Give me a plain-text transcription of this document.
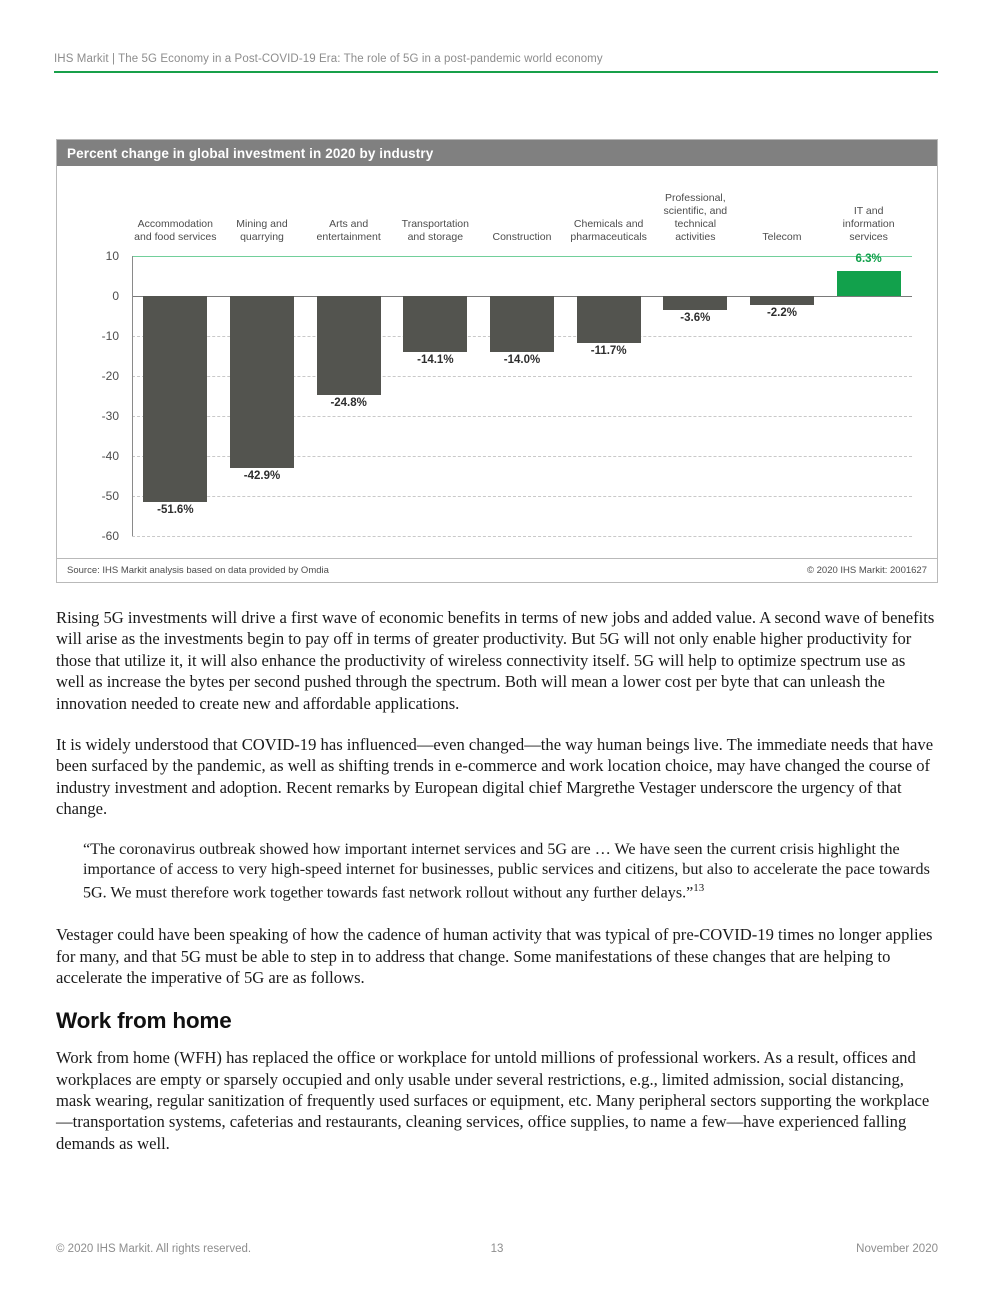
IHS Markit | The 5G Economy in a Post-COVID-19 Era: The role of 5G in a post-pandemic world economy
Percent change in global investment in 2020 by industry
Accommodation
and food services
Mining and
quarrying
Arts and
entertainment
Transportation
and storage	Construction
Chemicals and
pharmaceuticals
Professional,
scientific, and
technical
activities	Telecom
IT and
information
services
10
0
-10
-20
-30
-40
-50
-60
-51.6%
-42.9%
-24.8%
-14.1%	-14.0%
-11.7%
-3.6%	-2.2%
6.3%
Source: IHS Markit analysis based on data provided by Omdia	© 2020 IHS Markit: 2001627

Rising 5G investments will drive a first wave of economic benefits in terms of new jobs and added value. A second wave of benefits will arise as the investments begin to pay off in terms of greater productivity. But 5G will not only enable higher productivity for those that utilize it, it will also enhance the productivity of wireless connectivity itself. 5G will help to optimize spectrum use as well as increase the bytes per second pushed through the spectrum. Both will mean a lower cost per byte that can unleash the innovation needed to create new and affordable applications.

It is widely understood that COVID-19 has influenced—even changed—the way human beings live. The immediate needs that have been surfaced by the pandemic, as well as shifting trends in e-commerce and work location choice, may have changed the course of industry investment and adoption. Recent remarks by European digital chief Margrethe Vestager underscore the urgency of that change.

“The coronavirus outbreak showed how important internet services and 5G are … We have seen the current crisis highlight the importance of access to very high-speed internet for businesses, public services and citizens, but also to accelerate the pace towards 5G. We must therefore work together towards fast network rollout without any further delays.”$^{13}$

Vestager could have been speaking of how the cadence of human activity that was typical of pre-COVID-19 times no longer applies for many, and that 5G must be able to step in to address that change. Some manifestations of these changes that are helping to accelerate the imperative of 5G are as follows.

Work from home

Work from home (WFH) has replaced the office or workplace for untold millions of professional workers. As a result, offices and workplaces are empty or sparsely occupied and only usable under several restrictions, e.g., limited admission, social distancing, mask wearing, regular sanitization of frequently used surfaces or equipment, etc. Many peripheral sectors supporting the workplace—transportation systems, cafeterias and restaurants, cleaning services, office supplies, to name a few—have experienced falling demands as well.

© 2020 IHS Markit. All rights reserved.	13	November 2020
